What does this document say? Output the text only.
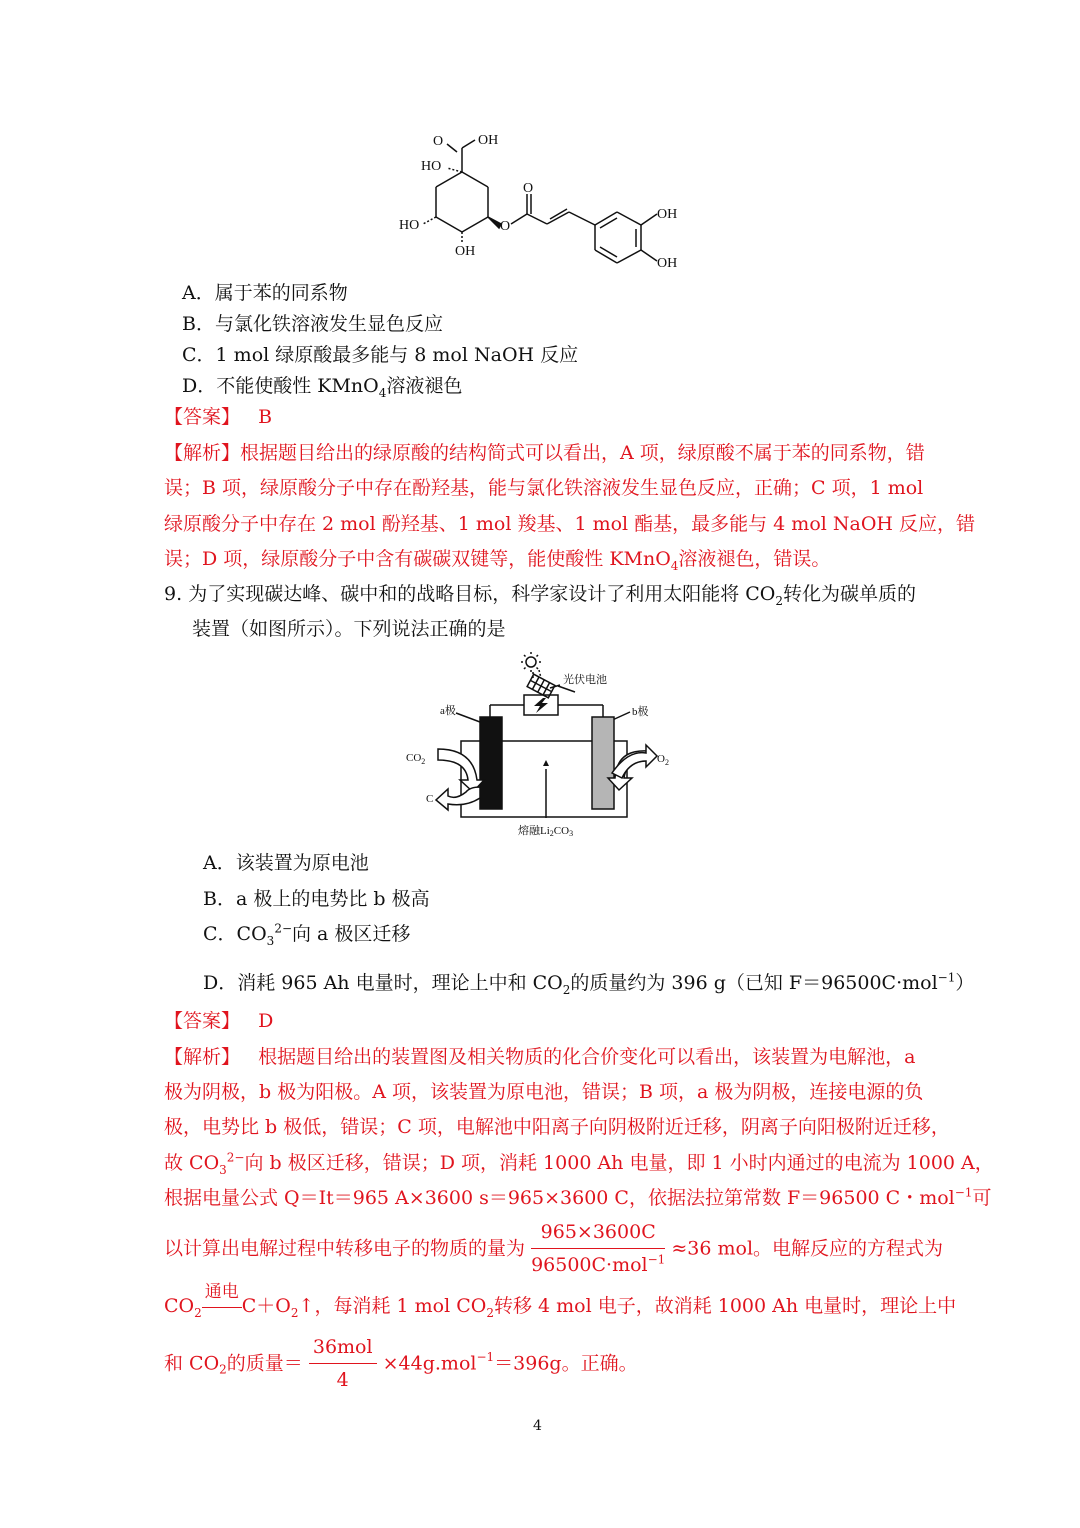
O OH
HO
O
O
HO
OH
OH
OH
A．属于苯的同系物
B．与氯化铁溶液发生显色反应
C．1 mol 绿原酸最多能与 8 mol NaOH 反应
D．不能使酸性 KMnO$_4$溶液褪色
【答案】 B
【解析】根据题目给出的绿原酸的结构简式可以看出，A 项，绿原酸不属于苯的同系物，错
误；B 项，绿原酸分子中存在酚羟基，能与氯化铁溶液发生显色反应，正确；C 项，1 mol
绿原酸分子中存在 2 mol 酚羟基、1 mol 羧基、1 mol 酯基，最多能与 4 mol NaOH 反应，错
误；D 项，绿原酸分子中含有碳碳双键等，能使酸性 KMnO$_4$溶液褪色，错误。
9. 为了实现碳达峰、碳中和的战略目标，科学家设计了利用太阳能将 $CO_2$转化为碳单质的
装置（如图所示）。下列说法正确的是
光伏电池
a极	b极
$CO_2$
C
$O_2$
熔融Li2CO3
A．该装置为原电池
B．a 极上的电势比 b 极高
C．$CO_3^{2-}$向 a 极区迁移
D．消耗 965 Ah 电量时，理论上中和 $CO_2$的质量约为 396 g（已知 F＝96500C·mol$^{-1}$）
【答案】 D
【解析】 根据题目给出的装置图及相关物质的化合价变化可以看出，该装置为电解池，a
极为阴极，b 极为阳极。A 项，该装置为原电池，错误；B 项，a 极为阴极，连接电源的负
极，电势比 b 极低，错误；C 项，电解池中阳离子向阴极附近迁移，阴离子向阳极附近迁移，
故 $CO_3^{2-}$向 b 极区迁移，错误；D 项，消耗 1000 Ah 电量，即 1 小时内通过的电流为 1000 A，
根据电量公式 Q＝It＝965 A×3600 s＝965×3600 C，依据法拉第常数 F＝96500 C・mol$^{-1}$可
以计算出电解过程中转移电子的物质的量为 $\frac{965\times 3600C}{96500C\cdot mol^{-1}} \approx 36$ mol。电解反应的方程式为
$CO_2$
通电
$C+O_2↑$，每消耗 1 mol $CO_2$转移 4 mol 电子，故消耗 1000 Ah 电量时，理论上中
和 $CO_2$的质量＝ $\frac{\text{36mol}}{4} \times 44g.mol^{-1}=396g$。正确。
4
